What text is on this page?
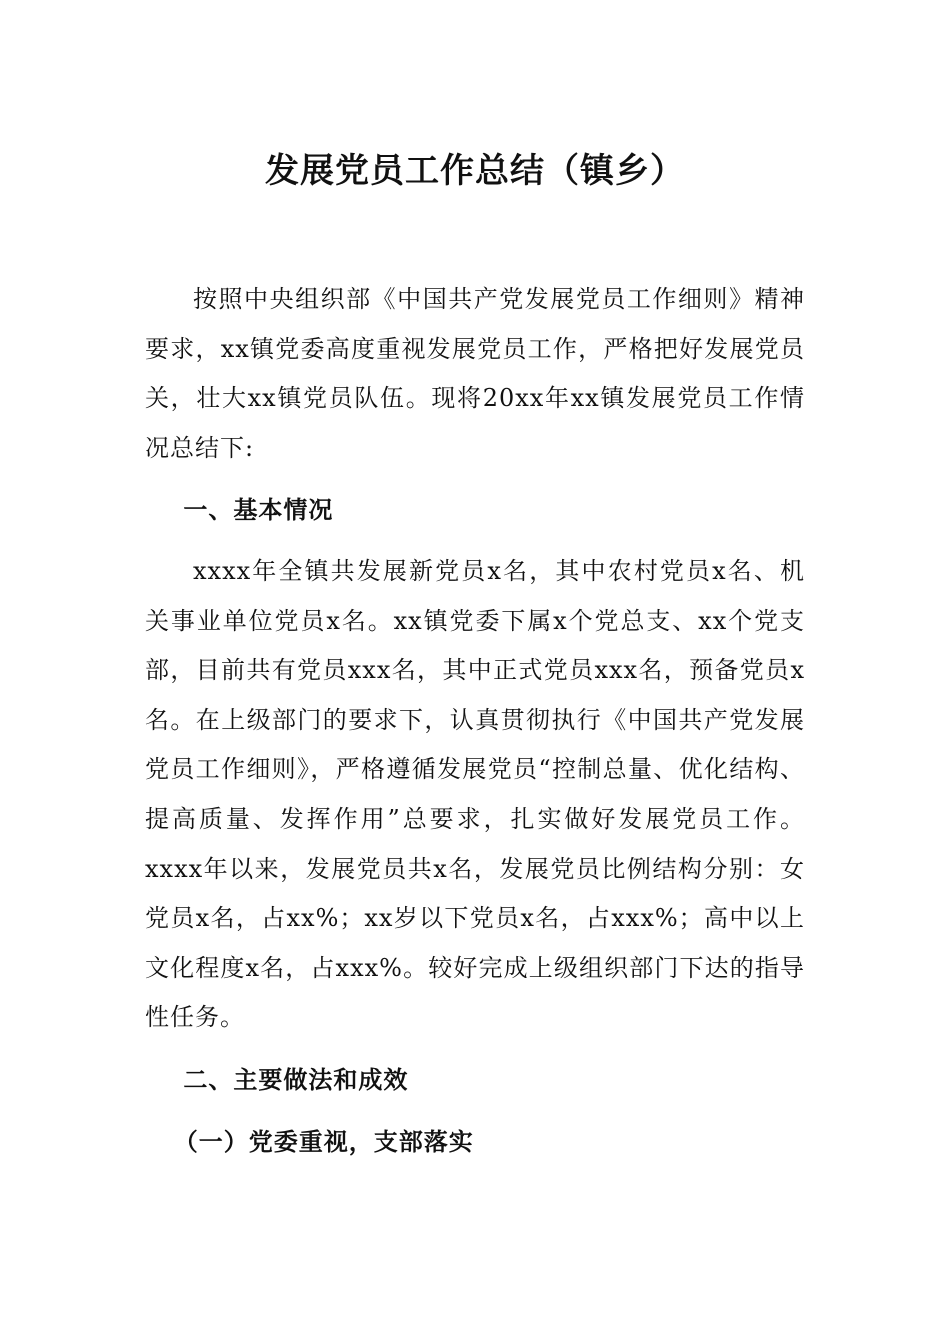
发展党员工作总结（镇乡）

按照中央组织部《中国共产党发展党员工作细则》精神要求，xx镇党委高度重视发展党员工作，严格把好发展党员关，壮大xx镇党员队伍。现将20xx年xx镇发展党员工作情况总结下:

一、基本情况

xxxx年全镇共发展新党员x名，其中农村党员x名、机关事业单位党员x名。xx镇党委下属x个党总支、xx个党支部，目前共有党员xxx名，其中正式党员xxx名，预备党员x名。在上级部门的要求下，认真贯彻执行《中国共产党发展党员工作细则》，严格遵循发展党员“控制总量、优化结构、提高质量、发挥作用”总要求，扎实做好发展党员工作。xxxx年以来，发展党员共x名，发展党员比例结构分别：女党员x名，占xx%；xx岁以下党员x名，占xxx%；高中以上文化程度x名，占xxx%。较好完成上级组织部门下达的指导性任务。

二、主要做法和成效

（一）党委重视，支部落实
